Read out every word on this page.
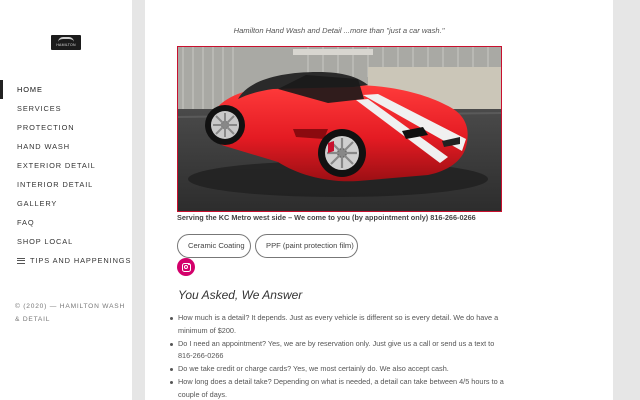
HAMILTON
HOME
SERVICES
PROTECTION
HAND WASH
EXTERIOR DETAIL
INTERIOR DETAIL
GALLERY
FAQ
SHOP LOCAL
TIPS AND HAPPENINGS
© (2020) — HAMILTON WASH
& DETAIL
Hamilton Hand Wash and Detail ...more than "just a car wash."
Serving the KC Metro west side – We come to you (by appointment only) 816-266-0266
Ceramic Coating	PPF (paint protection film)
You Asked, We Answer
How much is a detail? It depends. Just as every vehicle is different so is every detail. We do have a minimum of $200.
Do I need an appointment? Yes, we are by reservation only. Just give us a call or send us a text to 816-266-0266
Do we take credit or charge cards? Yes, we most certainly do. We also accept cash.
How long does a detail take? Depending on what is needed, a detail can take between 4/5 hours to a couple of days.
